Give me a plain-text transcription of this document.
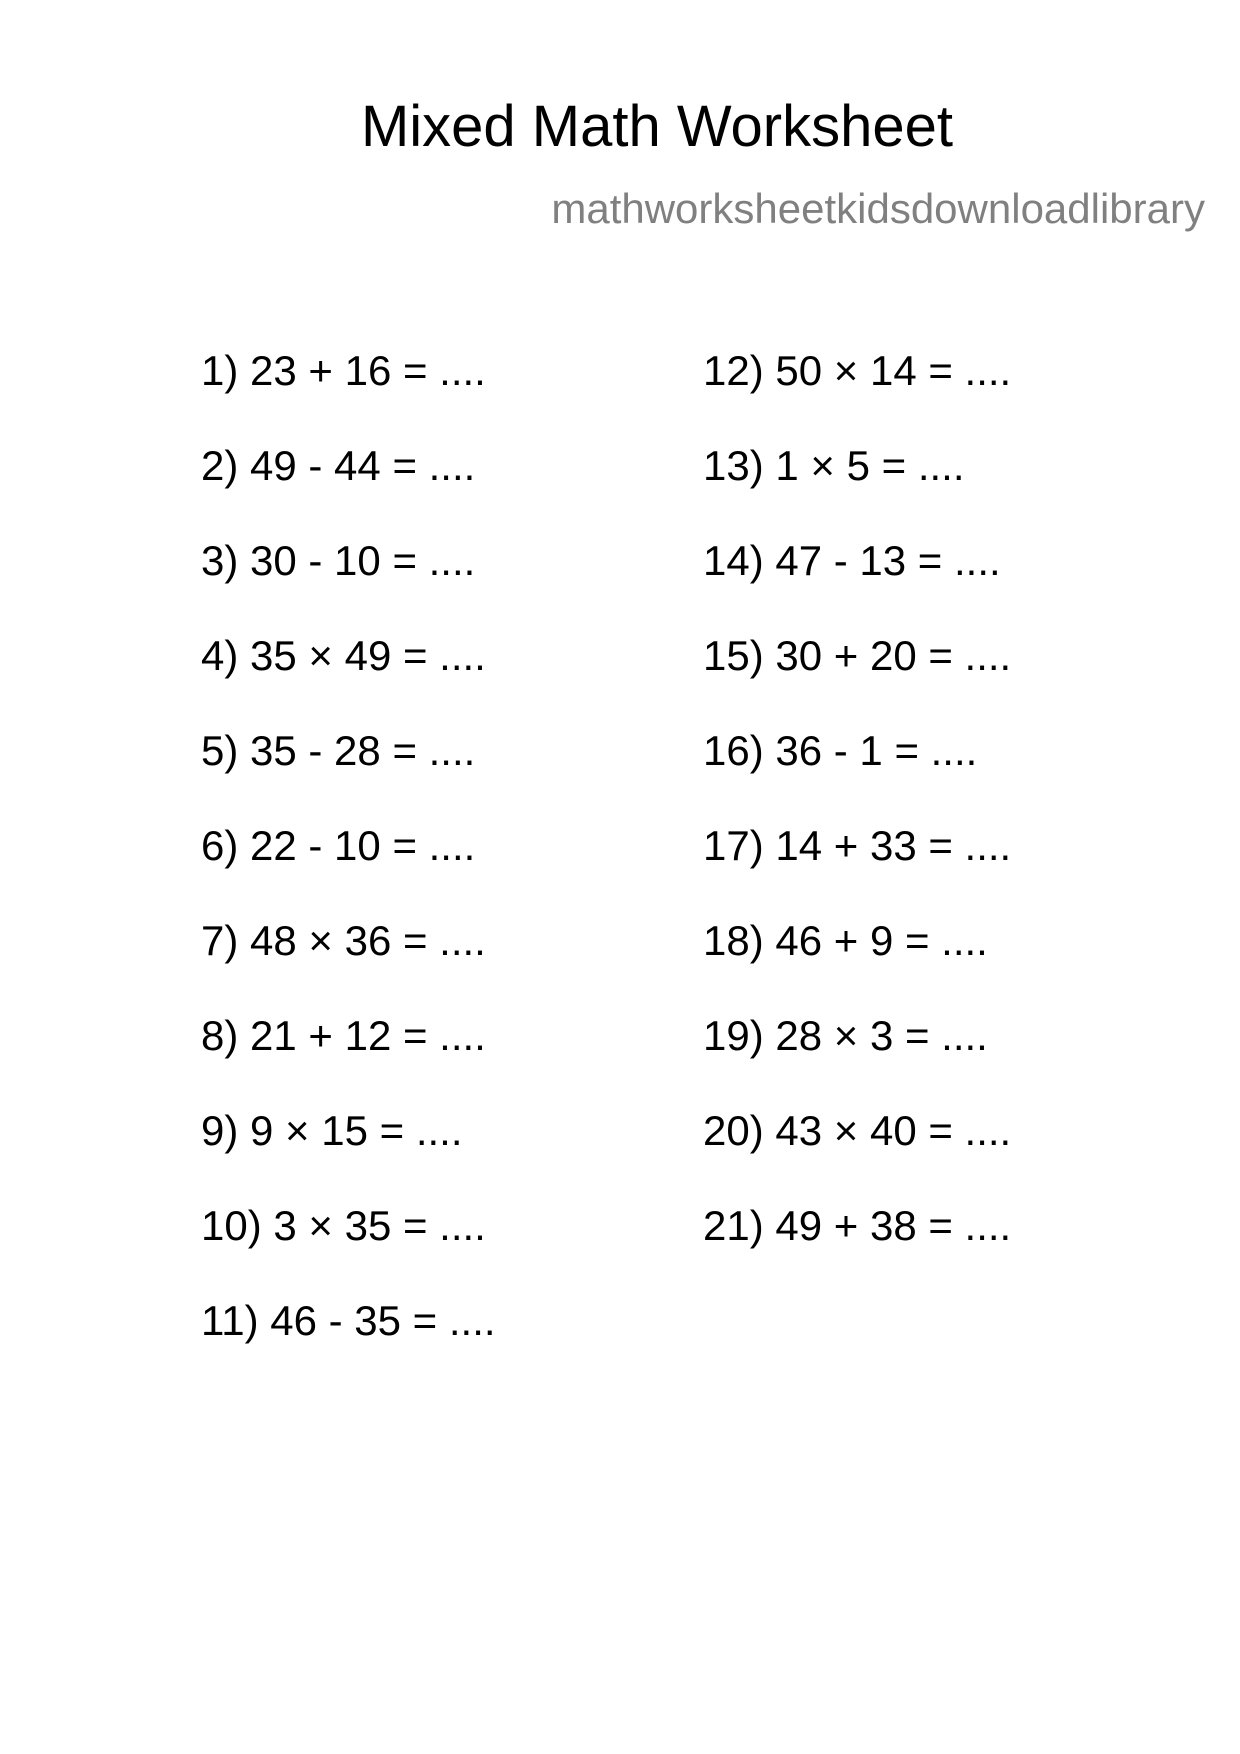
Mixed Math Worksheet
mathworksheetkidsdownloadlibrary
1) 23 + 16 = ....
2) 49 - 44 = ....
3) 30 - 10 = ....
4) 35 × 49 = ....
5) 35 - 28 = ....
6) 22 - 10 = ....
7) 48 × 36 = ....
8) 21 + 12 = ....
9) 9 × 15 = ....
10) 3 × 35 = ....
11) 46 - 35 = ....
12) 50 × 14 = ....
13) 1 × 5 = ....
14) 47 - 13 = ....
15) 30 + 20 = ....
16) 36 - 1 = ....
17) 14 + 33 = ....
18) 46 + 9 = ....
19) 28 × 3 = ....
20) 43 × 40 = ....
21) 49 + 38 = ....
